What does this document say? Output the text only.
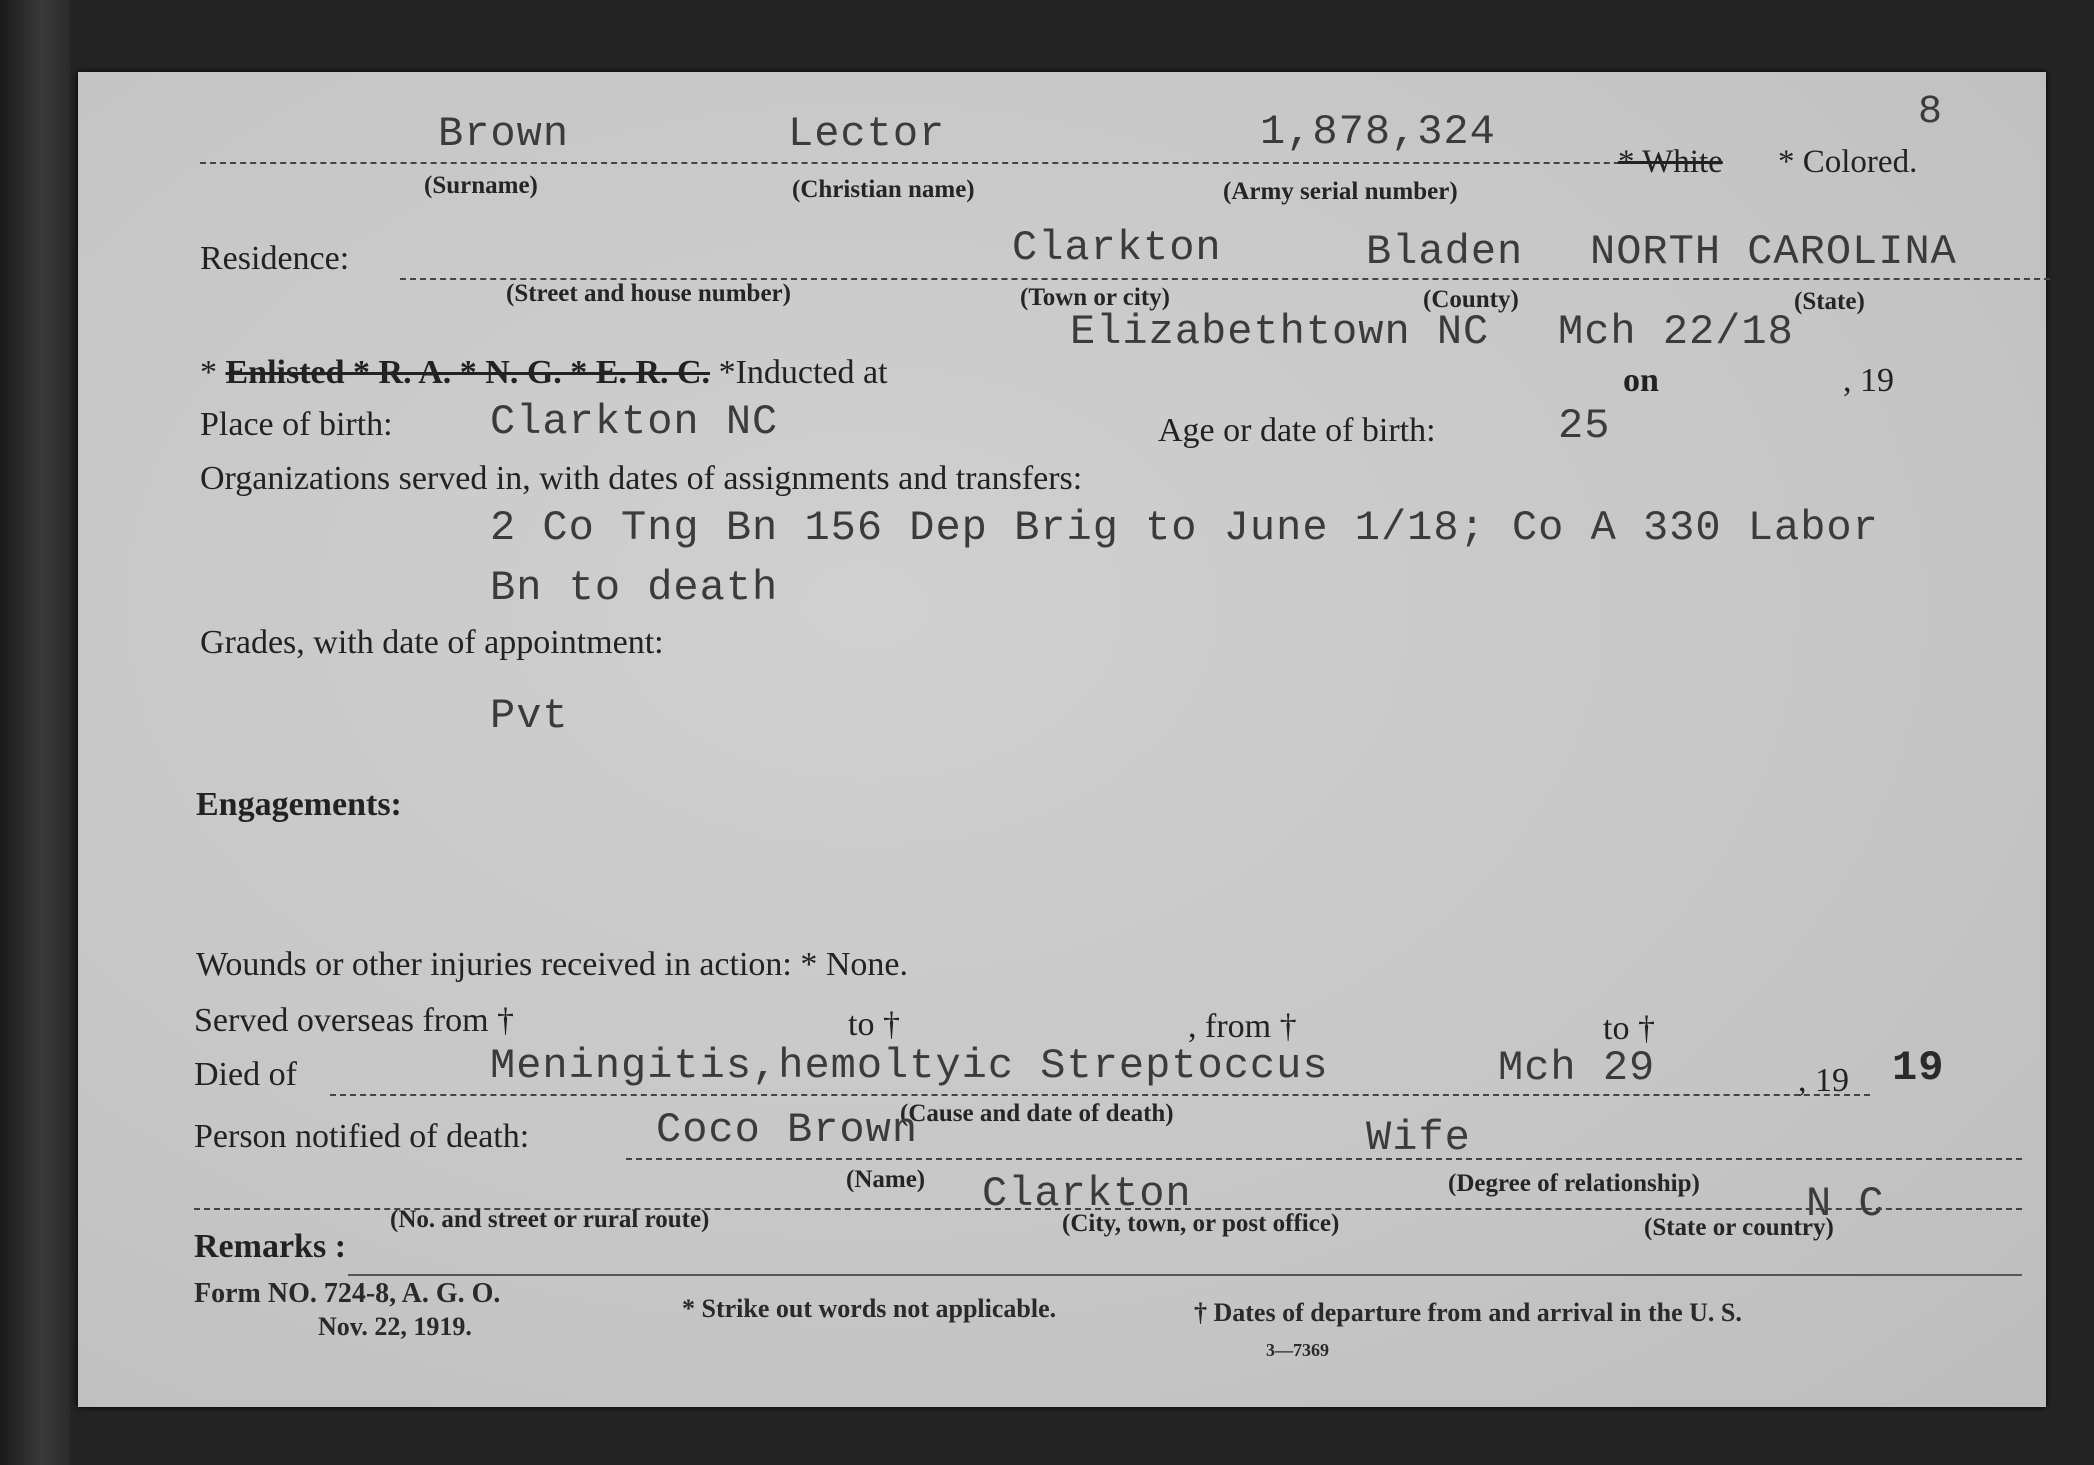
8
Brown	Lector	1,878,324
* White * Colored.
(Surname)	(Christian name)	(Army serial number)
Residence:	Clarkton	Bladen NORTH CAROLINA
(Street and house number)	(Town or city)	(County)	(State)
Elizabethtown NC Mch 22/18
* Enlisted * R. A. * N. G. * E. R. C. *Inducted at	on	, 19
Place of birth: Clarkton NC	Age or date of birth:	25
Organizations served in, with dates of assignments and transfers:
2 Co Tng Bn 156 Dep Brig to June 1/18; Co A 330 Labor
Bn to death
Grades, with date of appointment:
Pvt
Engagements:
Wounds or other injuries received in action: * None.
Served overseas from †	to †	, from †	to †
Died of	Meningitis,hemoltyic Streptoccus	Mch 29	, 19 19
(Cause and date of death)
Person notified of death:	Coco Brown	Wife
(Name)	(Degree of relationship)
Clarkton	N C
(No. and street or rural route)	(City, town, or post office)	(State or country)
Remarks :
Form NO. 724-8, A. G. O.
Nov. 22, 1919.
* Strike out words not applicable.	† Dates of departure from and arrival in the U. S.
3—7369
